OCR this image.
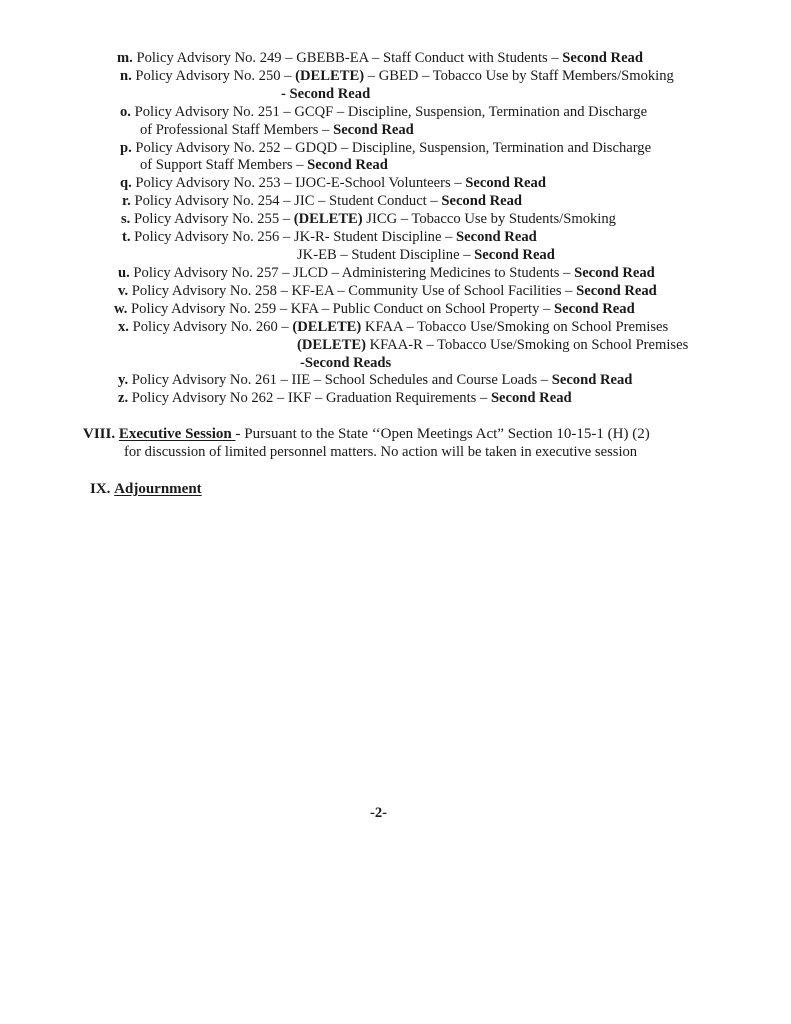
m. Policy Advisory No. 249 – GBEBB-EA – Staff Conduct with Students – Second Read
n. Policy Advisory No. 250 – (DELETE) – GBED – Tobacco Use by Staff Members/Smoking
- Second Read
o. Policy Advisory No. 251 – GCQF – Discipline, Suspension, Termination and Discharge
of Professional Staff Members – Second Read
p. Policy Advisory No. 252 – GDQD – Discipline, Suspension, Termination and Discharge
of Support Staff Members – Second Read
q. Policy Advisory No. 253 – IJOC-E-School Volunteers – Second Read
r. Policy Advisory No. 254 – JIC – Student Conduct – Second Read
s. Policy Advisory No. 255 – (DELETE) JICG – Tobacco Use by Students/Smoking
t. Policy Advisory No. 256 – JK-R- Student Discipline – Second Read
JK-EB – Student Discipline – Second Read
u. Policy Advisory No. 257 – JLCD – Administering Medicines to Students – Second Read
v. Policy Advisory No. 258 – KF-EA – Community Use of School Facilities – Second Read
w. Policy Advisory No. 259 – KFA – Public Conduct on School Property – Second Read
x. Policy Advisory No. 260 – (DELETE) KFAA – Tobacco Use/Smoking on School Premises
(DELETE) KFAA-R – Tobacco Use/Smoking on School Premises
-Second Reads
y. Policy Advisory No. 261 – IIE – School Schedules and Course Loads – Second Read
z. Policy Advisory No 262 – IKF – Graduation Requirements – Second Read
VIII. Executive Session - Pursuant to the State ‘‘Open Meetings Act” Section 10-15-1 (H) (2)
for discussion of limited personnel matters. No action will be taken in executive session
IX. Adjournment
-2-
